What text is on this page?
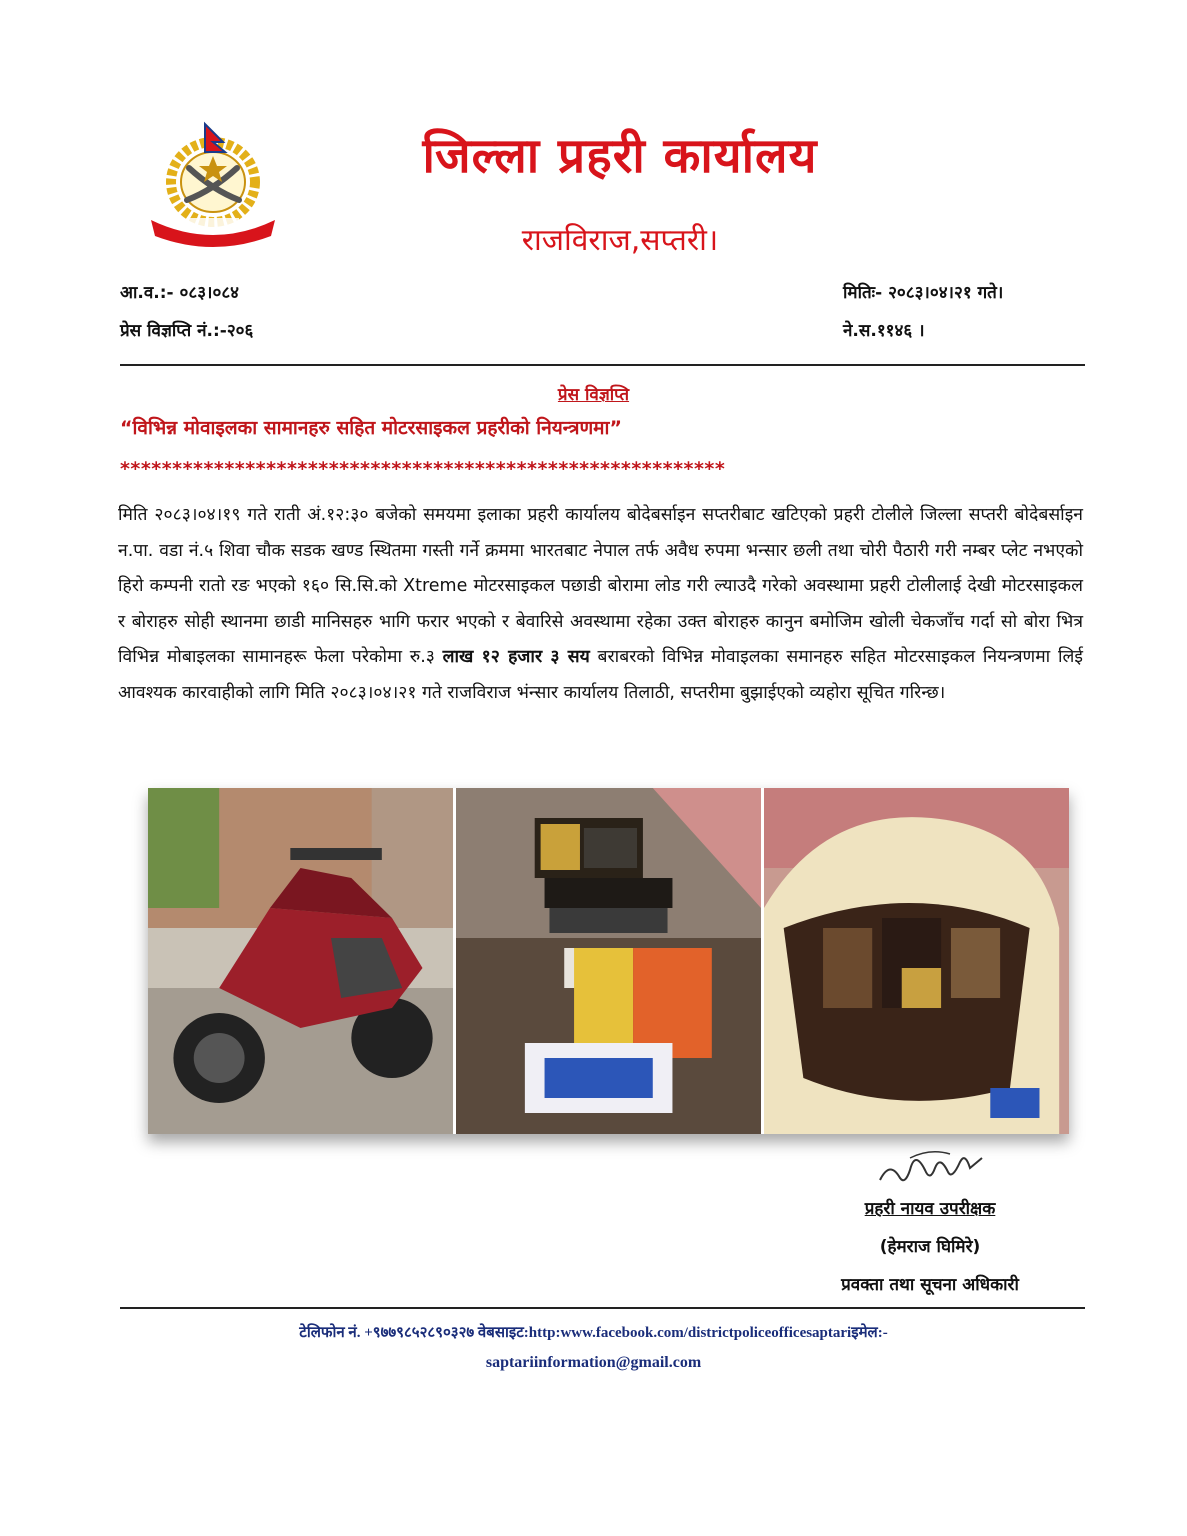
जिल्ला प्रहरी कार्यालय
राजविराज,सप्तरी।
आ.व.:- ०८३।०८४
प्रेस विज्ञप्ति नं.:-२०६
मितिः- २०८३।०४।२१ गते।
ने.स.११४६ ।
प्रेस विज्ञप्ति
“विभिन्न मोवाइलका सामानहरु सहित मोटरसाइकल प्रहरीको नियन्त्रणमा”
**********************************************************
मिति २०८३।०४।१९ गते राती अं.१२:३० बजेको समयमा इलाका प्रहरी कार्यालय बोदेबर्साइन सप्तरीबाट खटिएको प्रहरी टोलीले जिल्ला सप्तरी बोदेबर्साइन न.पा. वडा नं.५ शिवा चौक सडक खण्ड स्थितमा गस्ती गर्ने क्रममा भारतबाट नेपाल तर्फ अवैध रुपमा भन्सार छली तथा चोरी पैठारी गरी नम्बर प्लेट नभएको हिरो कम्पनी रातो रङ भएको १६० सि.सि.को Xtreme मोटरसाइकल पछाडी बोरामा लोड गरी ल्याउदै गरेको अवस्थामा प्रहरी टोलीलाई देखी मोटरसाइकल र बोराहरु सोही स्थानमा छाडी मानिसहरु भागि फरार भएको र बेवारिसे अवस्थामा रहेका उक्त बोराहरु कानुन बमोजिम खोली चेकजाँच गर्दा सो बोरा भित्र विभिन्न मोबाइलका सामानहरू फेला परेकोमा रु.३ लाख १२ हजार ३ सय बराबरको विभिन्न मोवाइलका समानहरु सहित मोटरसाइकल नियन्त्रणमा लिई आवश्यक कारवाहीको लागि मिति २०८३।०४।२१ गते राजविराज भंन्सार कार्यालय तिलाठी, सप्तरीमा बुझाईएको व्यहोरा सूचित गरिन्छ।
प्रहरी नायव उपरीक्षक
(हेमराज घिमिरे)
प्रवक्ता तथा सूचना अधिकारी
टेलिफोन नं. +९७७९८५२८९०३२७ वेबसाइट:http:www.facebook.com/districtpoliceofficesaptariइमेल:-
saptariinformation@gmail.com
